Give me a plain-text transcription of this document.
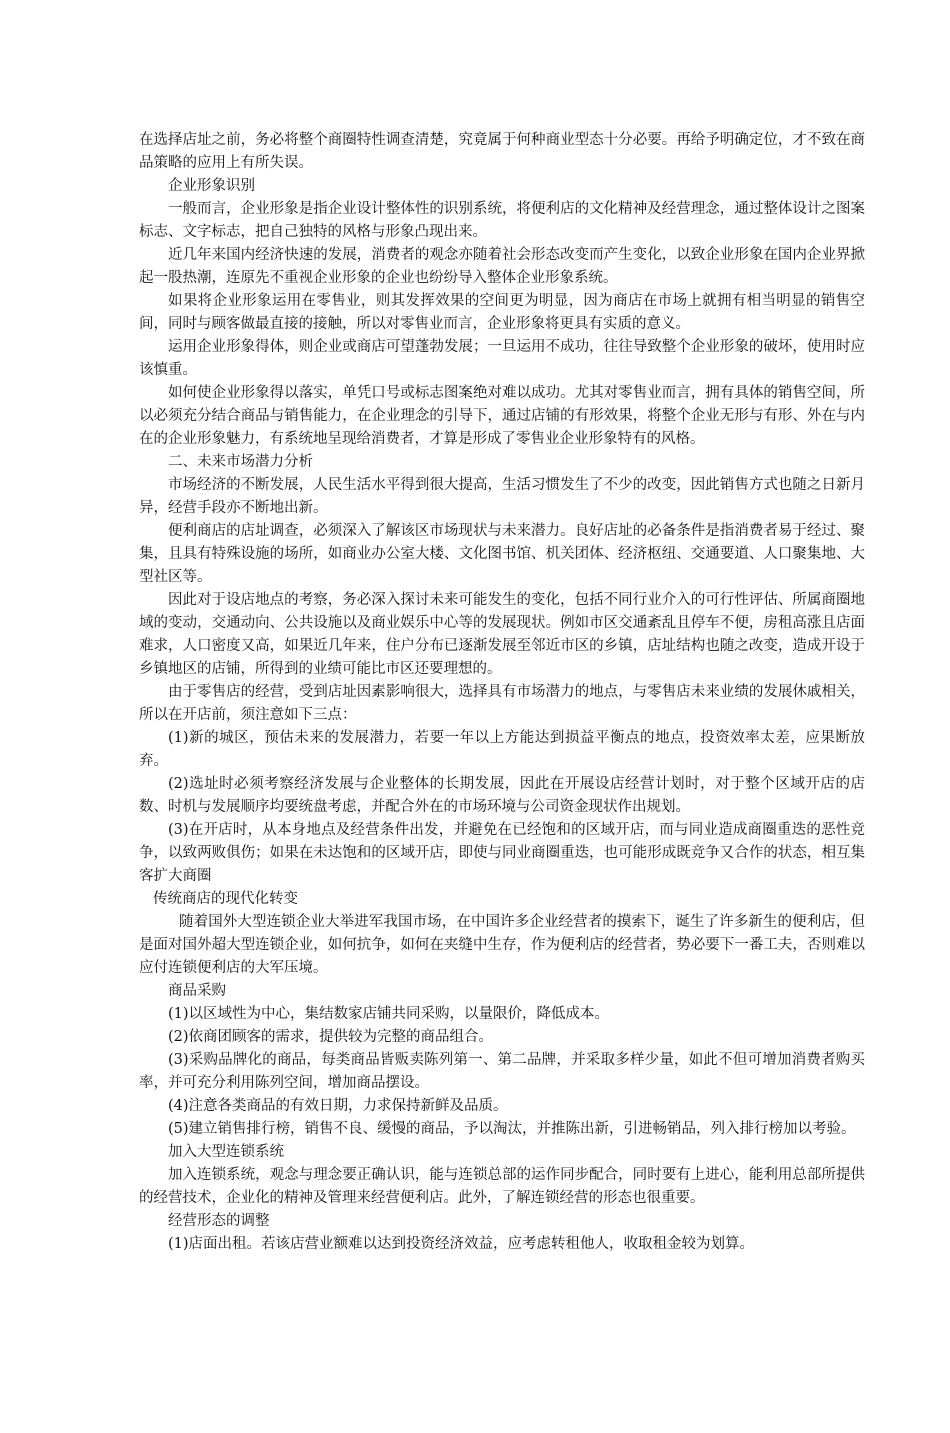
在选择店址之前，务必将整个商圈特性调查清楚，究竟属于何种商业型态十分必要。再给予明确定位，才不致在商品策略的应用上有所失误。

企业形象识别

一般而言，企业形象是指企业设计整体性的识别系统，将便利店的文化精神及经营理念，通过整体设计之图案标志、文字标志，把自己独特的风格与形象凸现出来。

近几年来国内经济快速的发展，消费者的观念亦随着社会形态改变而产生变化，以致企业形象在国内企业界掀起一股热潮，连原先不重视企业形象的企业也纷纷导入整体企业形象系统。

如果将企业形象运用在零售业，则其发挥效果的空间更为明显，因为商店在市场上就拥有相当明显的销售空间，同时与顾客做最直接的接触，所以对零售业而言，企业形象将更具有实质的意义。

运用企业形象得体，则企业或商店可望蓬勃发展；一旦运用不成功，往往导致整个企业形象的破坏，使用时应该慎重。

如何使企业形象得以落实，单凭口号或标志图案绝对难以成功。尤其对零售业而言，拥有具体的销售空间，所以必须充分结合商品与销售能力，在企业理念的引导下，通过店铺的有形效果，将整个企业无形与有形、外在与内在的企业形象魅力，有系统地呈现给消费者，才算是形成了零售业企业形象特有的风格。

二、未来市场潜力分析

市场经济的不断发展，人民生活水平得到很大提高，生活习惯发生了不少的改变，因此销售方式也随之日新月异，经营手段亦不断地出新。

便利商店的店址调查，必须深入了解该区市场现状与未来潜力。良好店址的必备条件是指消费者易于经过、聚集，且具有特殊设施的场所，如商业办公室大楼、文化图书馆、机关团体、经济枢纽、交通要道、人口聚集地、大型社区等。

因此对于设店地点的考察，务必深入探讨未来可能发生的变化，包括不同行业介入的可行性评估、所属商圈地域的变动，交通动向、公共设施以及商业娱乐中心等的发展现状。例如市区交通紊乱且停车不便，房租高涨且店面难求，人口密度又高，如果近几年来，住户分布已逐渐发展至邻近市区的乡镇，店址结构也随之改变，造成开设于乡镇地区的店铺，所得到的业绩可能比市区还要理想的。

由于零售店的经营，受到店址因素影响很大，选择具有市场潜力的地点，与零售店未来业绩的发展休戚相关，所以在开店前，须注意如下三点：

(1)新的城区，预估未来的发展潜力，若要一年以上方能达到损益平衡点的地点，投资效率太差，应果断放弃。

(2)选址时必须考察经济发展与企业整体的长期发展，因此在开展设店经营计划时，对于整个区域开店的店数、时机与发展顺序均要统盘考虑，并配合外在的市场环境与公司资金现状作出规划。

(3)在开店时，从本身地点及经营条件出发，并避免在已经饱和的区域开店，而与同业造成商圈重迭的恶性竞争，以致两败俱伤；如果在未达饱和的区域开店，即使与同业商圈重迭，也可能形成既竞争又合作的状态，相互集客扩大商圈

传统商店的现代化转变

随着国外大型连锁企业大举进军我国市场，在中国许多企业经营者的摸索下，诞生了许多新生的便利店，但是面对国外超大型连锁企业，如何抗争，如何在夹缝中生存，作为便利店的经营者，势必要下一番工夫，否则难以应付连锁便利店的大军压境。

商品采购

(1)以区域性为中心，集结数家店铺共同采购，以量限价，降低成本。

(2)依商团顾客的需求，提供较为完整的商品组合。

(3)采购品牌化的商品，每类商品皆贩卖陈列第一、第二品牌，并采取多样少量，如此不但可增加消费者购买率，并可充分利用陈列空间，增加商品摆设。

(4)注意各类商品的有效日期，力求保持新鲜及品质。

(5)建立销售排行榜，销售不良、缓慢的商品，予以淘汰，并推陈出新，引进畅销品，列入排行榜加以考验。

加入大型连锁系统

加入连锁系统，观念与理念要正确认识，能与连锁总部的运作同步配合，同时要有上进心，能利用总部所提供的经营技术，企业化的精神及管理来经营便利店。此外，了解连锁经营的形态也很重要。

经营形态的调整

(1)店面出租。若该店营业额难以达到投资经济效益，应考虑转租他人，收取租金较为划算。
